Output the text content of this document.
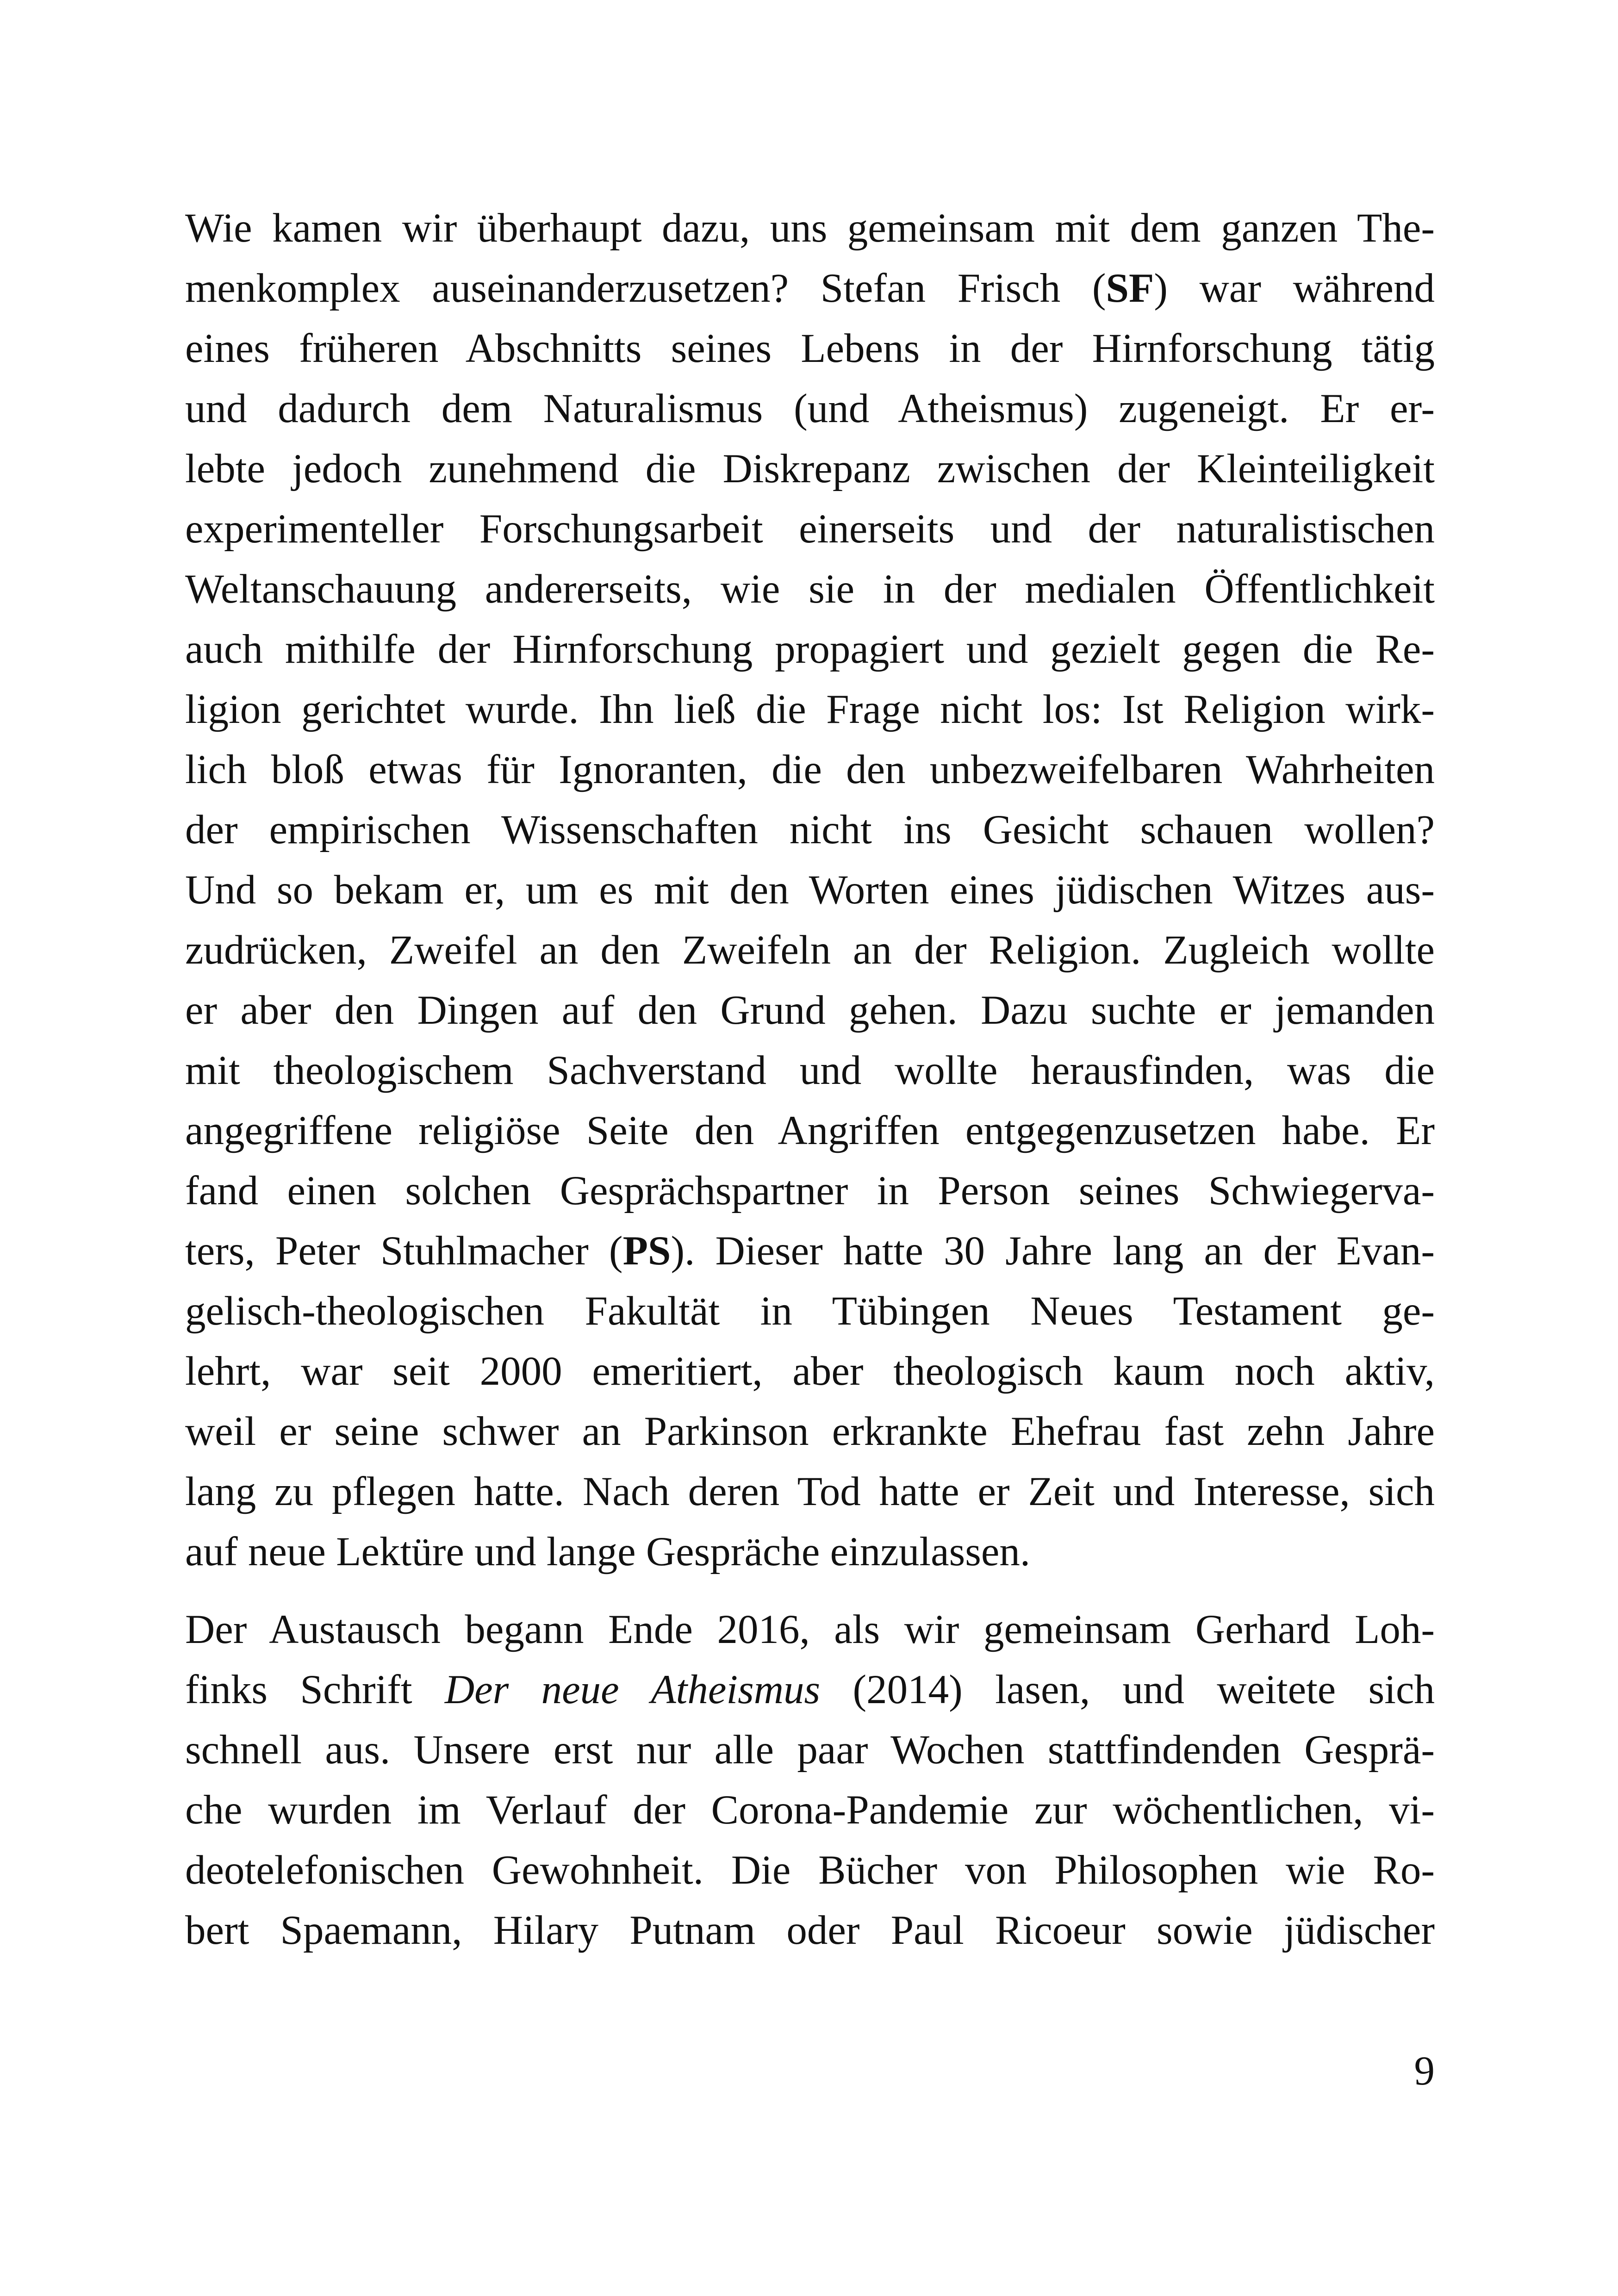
Wie kamen wir überhaupt dazu, uns gemeinsam mit dem ganzen The-
menkomplex auseinanderzusetzen? Stefan Frisch (SF) war während
eines früheren Abschnitts seines Lebens in der Hirnforschung tätig
und dadurch dem Naturalismus (und Atheismus) zugeneigt. Er er-
lebte jedoch zunehmend die Diskrepanz zwischen der Kleinteiligkeit
experimenteller Forschungsarbeit einerseits und der naturalistischen
Weltanschauung andererseits, wie sie in der medialen Öffentlichkeit
auch mithilfe der Hirnforschung propagiert und gezielt gegen die Re-
ligion gerichtet wurde. Ihn ließ die Frage nicht los: Ist Religion wirk-
lich bloß etwas für Ignoranten, die den unbezweifelbaren Wahrheiten
der empirischen Wissenschaften nicht ins Gesicht schauen wollen?
Und so bekam er, um es mit den Worten eines jüdischen Witzes aus-
zudrücken, Zweifel an den Zweifeln an der Religion. Zugleich wollte
er aber den Dingen auf den Grund gehen. Dazu suchte er jemanden
mit theologischem Sachverstand und wollte herausfinden, was die
angegriffene religiöse Seite den Angriffen entgegenzusetzen habe. Er
fand einen solchen Gesprächspartner in Person seines Schwiegerva-
ters, Peter Stuhlmacher (PS). Dieser hatte 30 Jahre lang an der Evan-
gelisch-theologischen Fakultät in Tübingen Neues Testament ge-
lehrt, war seit 2000 emeritiert, aber theologisch kaum noch aktiv,
weil er seine schwer an Parkinson erkrankte Ehefrau fast zehn Jahre
lang zu pflegen hatte. Nach deren Tod hatte er Zeit und Interesse, sich
auf neue Lektüre und lange Gespräche einzulassen.
Der Austausch begann Ende 2016, als wir gemeinsam Gerhard Loh-
finks Schrift Der neue Atheismus (2014) lasen, und weitete sich
schnell aus. Unsere erst nur alle paar Wochen stattfindenden Gesprä-
che wurden im Verlauf der Corona-Pandemie zur wöchentlichen, vi-
deotelefonischen Gewohnheit. Die Bücher von Philosophen wie Ro-
bert Spaemann, Hilary Putnam oder Paul Ricoeur sowie jüdischer
9
